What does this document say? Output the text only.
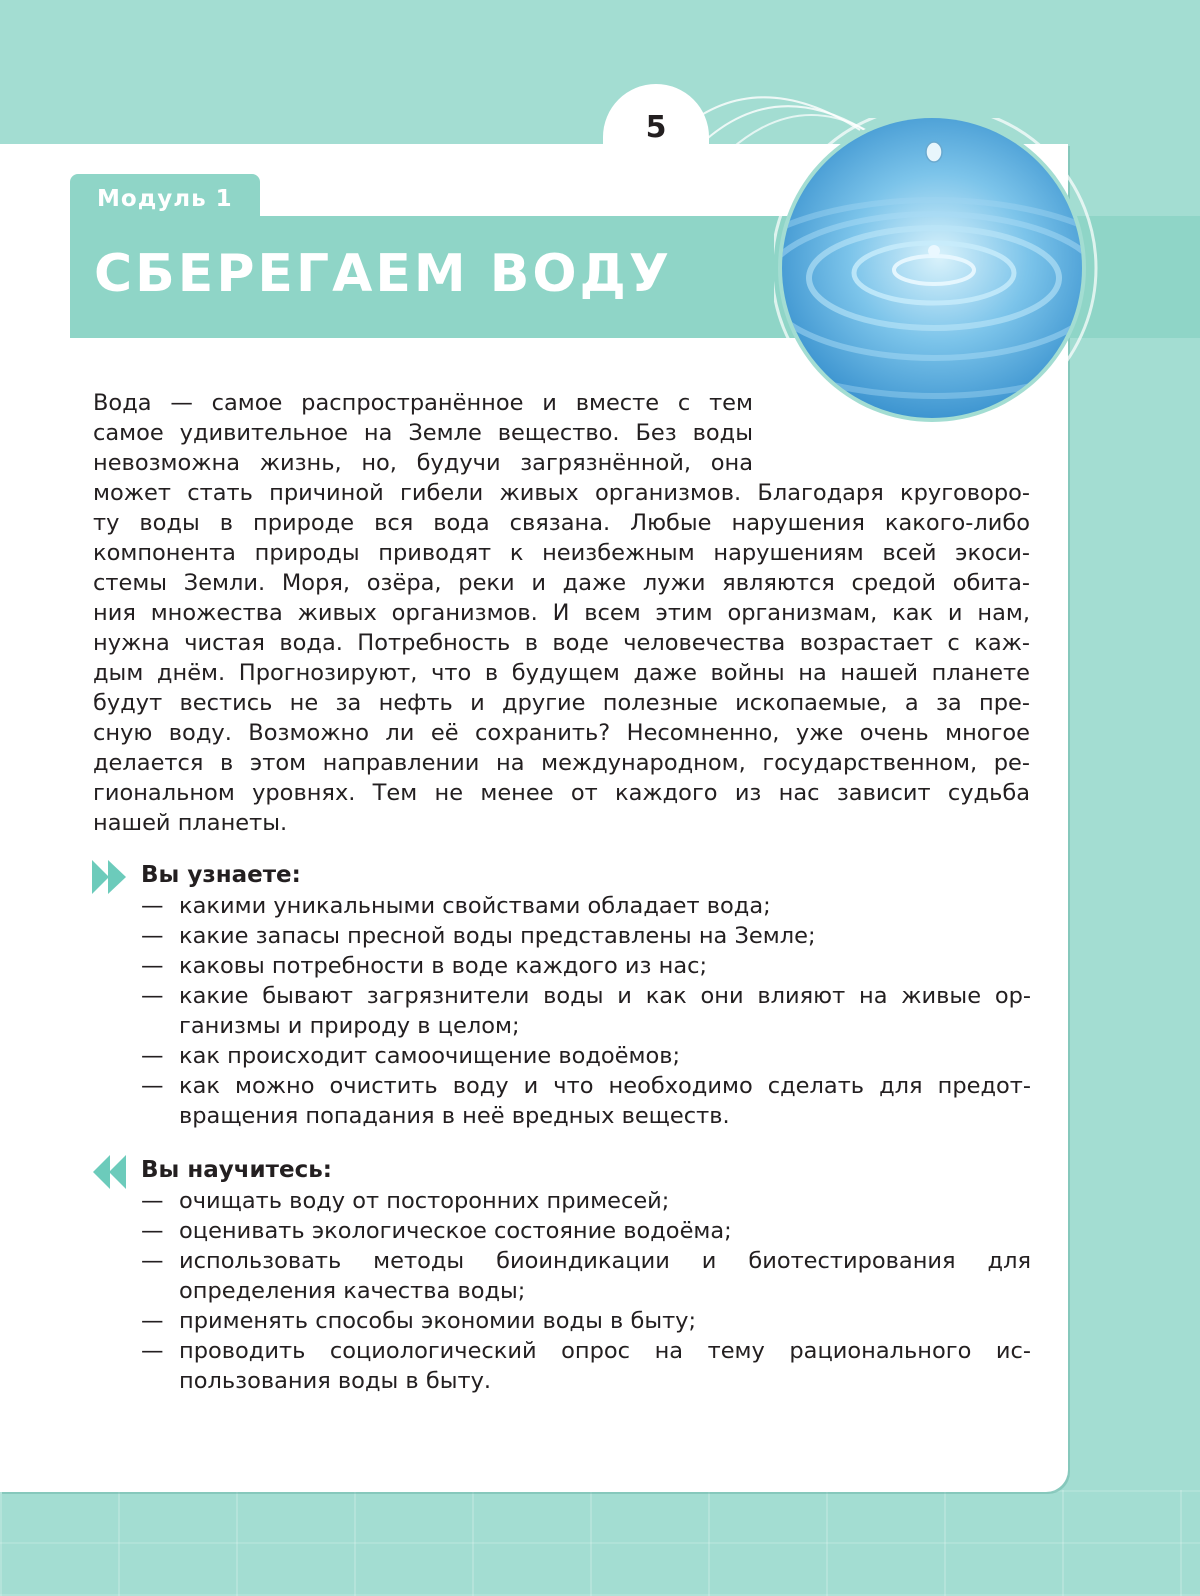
5
Модуль 1
СБЕРЕГАЕМ ВОДУ
Вода — самое распространённое и вместе с тем
самое удивительное на Земле вещество. Без воды
невозможна жизнь, но, будучи загрязнённой, она
может стать причиной гибели живых организмов. Благодаря круговоро-
ту воды в природе вся вода связана. Любые нарушения какого-либо
компонента природы приводят к неизбежным нарушениям всей экоси-
стемы Земли. Моря, озёра, реки и даже лужи являются средой обита-
ния множества живых организмов. И всем этим организмам, как и нам,
нужна чистая вода. Потребность в воде человечества возрастает с каж-
дым днём. Прогнозируют, что в будущем даже войны на нашей планете
будут вестись не за нефть и другие полезные ископаемые, а за пре-
сную воду. Возможно ли её сохранить? Несомненно, уже очень многое
делается в этом направлении на международном, государственном, ре-
гиональном уровнях. Тем не менее от каждого из нас зависит судьба
нашей планеты.
Вы узнаете:
— какими уникальными свойствами обладает вода;
— какие запасы пресной воды представлены на Земле;
— каковы потребности в воде каждого из нас;
— какие бывают загрязнители воды и как они влияют на живые ор-
ганизмы и природу в целом;
— как происходит самоочищение водоёмов;
— как можно очистить воду и что необходимо сделать для предот-
вращения попадания в неё вредных веществ.
Вы научитесь:
— очищать воду от посторонних примесей;
— оценивать экологическое состояние водоёма;
— использовать методы биоиндикации и биотестирования для
определения качества воды;
— применять способы экономии воды в быту;
— проводить социологический опрос на тему рационального ис-
пользования воды в быту.
